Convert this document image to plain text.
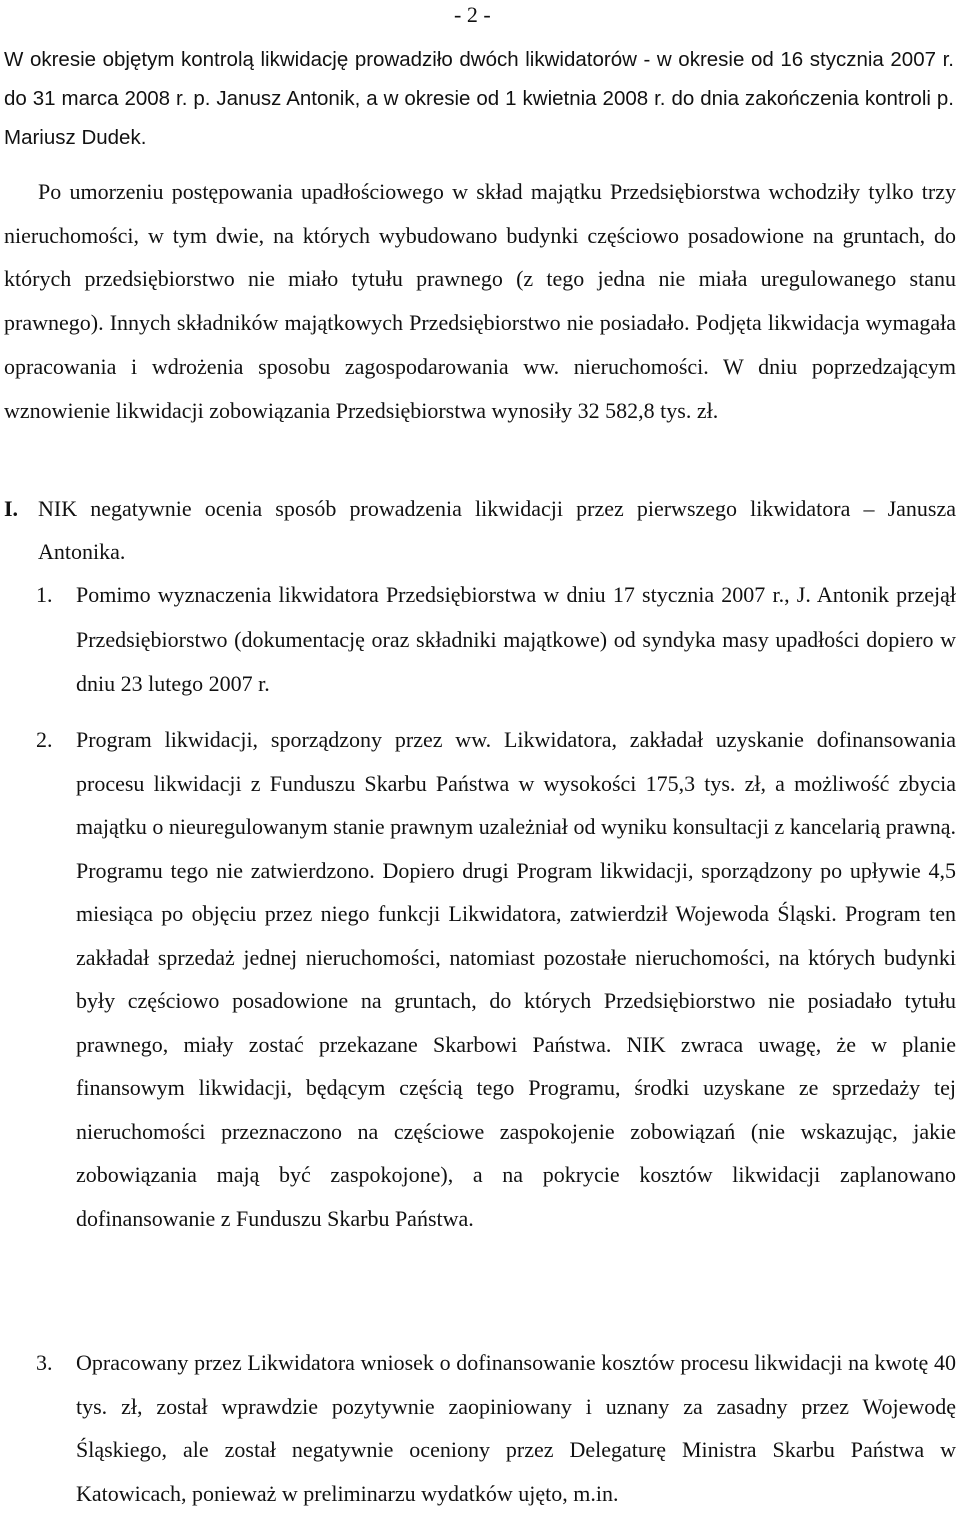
- 2 -

W okresie objętym kontrolą likwidację prowadziło dwóch likwidatorów - w okresie od 16 stycznia 2007 r. do 31 marca 2008 r. p. Janusz Antonik, a w okresie od 1 kwietnia 2008 r. do dnia zakończenia kontroli p. Mariusz Dudek.

Po umorzeniu postępowania upadłościowego w skład majątku Przedsiębiorstwa wchodziły tylko trzy nieruchomości, w tym dwie, na których wybudowano budynki częściowo posadowione na gruntach, do których przedsiębiorstwo nie miało tytułu prawnego (z tego jedna nie miała uregulowanego stanu prawnego). Innych składników majątkowych Przedsiębiorstwo nie posiadało. Podjęta likwidacja wymagała opracowania i wdrożenia sposobu zagospodarowania ww. nieruchomości. W dniu poprzedzającym wznowienie likwidacji zobowiązania Przedsiębiorstwa wynosiły 32 582,8 tys. zł.

I. NIK negatywnie ocenia sposób prowadzenia likwidacji przez pierwszego likwidatora – Janusza Antonika.
1.	Pomimo wyznaczenia likwidatora Przedsiębiorstwa w dniu 17 stycznia 2007 r., J. Antonik przejął Przedsiębiorstwo (dokumentację oraz składniki majątkowe) od syndyka masy upadłości dopiero w dniu 23 lutego 2007 r.
2.	Program likwidacji, sporządzony przez ww. Likwidatora, zakładał uzyskanie dofinansowania procesu likwidacji z Funduszu Skarbu Państwa w wysokości 175,3 tys. zł, a możliwość zbycia majątku o nieuregulowanym stanie prawnym uzależniał od wyniku konsultacji z kancelarią prawną. Programu tego nie zatwierdzono. Dopiero drugi Program likwidacji, sporządzony po upływie 4,5 miesiąca po objęciu przez niego funkcji Likwidatora, zatwierdził Wojewoda Śląski. Program ten zakładał sprzedaż jednej nieruchomości, natomiast pozostałe nieruchomości, na których budynki były częściowo posadowione na gruntach, do których Przedsiębiorstwo nie posiadało tytułu prawnego, miały zostać przekazane Skarbowi Państwa. NIK zwraca uwagę, że w planie finansowym likwidacji, będącym częścią tego Programu, środki uzyskane ze sprzedaży tej nieruchomości przeznaczono na częściowe zaspokojenie zobowiązań (nie wskazując, jakie zobowiązania mają być zaspokojone), a na pokrycie kosztów likwidacji zaplanowano dofinansowanie z Funduszu Skarbu Państwa.
3.	Opracowany przez Likwidatora wniosek o dofinansowanie kosztów procesu likwidacji na kwotę 40 tys. zł, został wprawdzie pozytywnie zaopiniowany i uznany za zasadny przez Wojewodę Śląskiego, ale został negatywnie oceniony przez Delegaturę Ministra Skarbu Państwa w Katowicach, ponieważ w preliminarzu wydatków ujęto, m.in.
